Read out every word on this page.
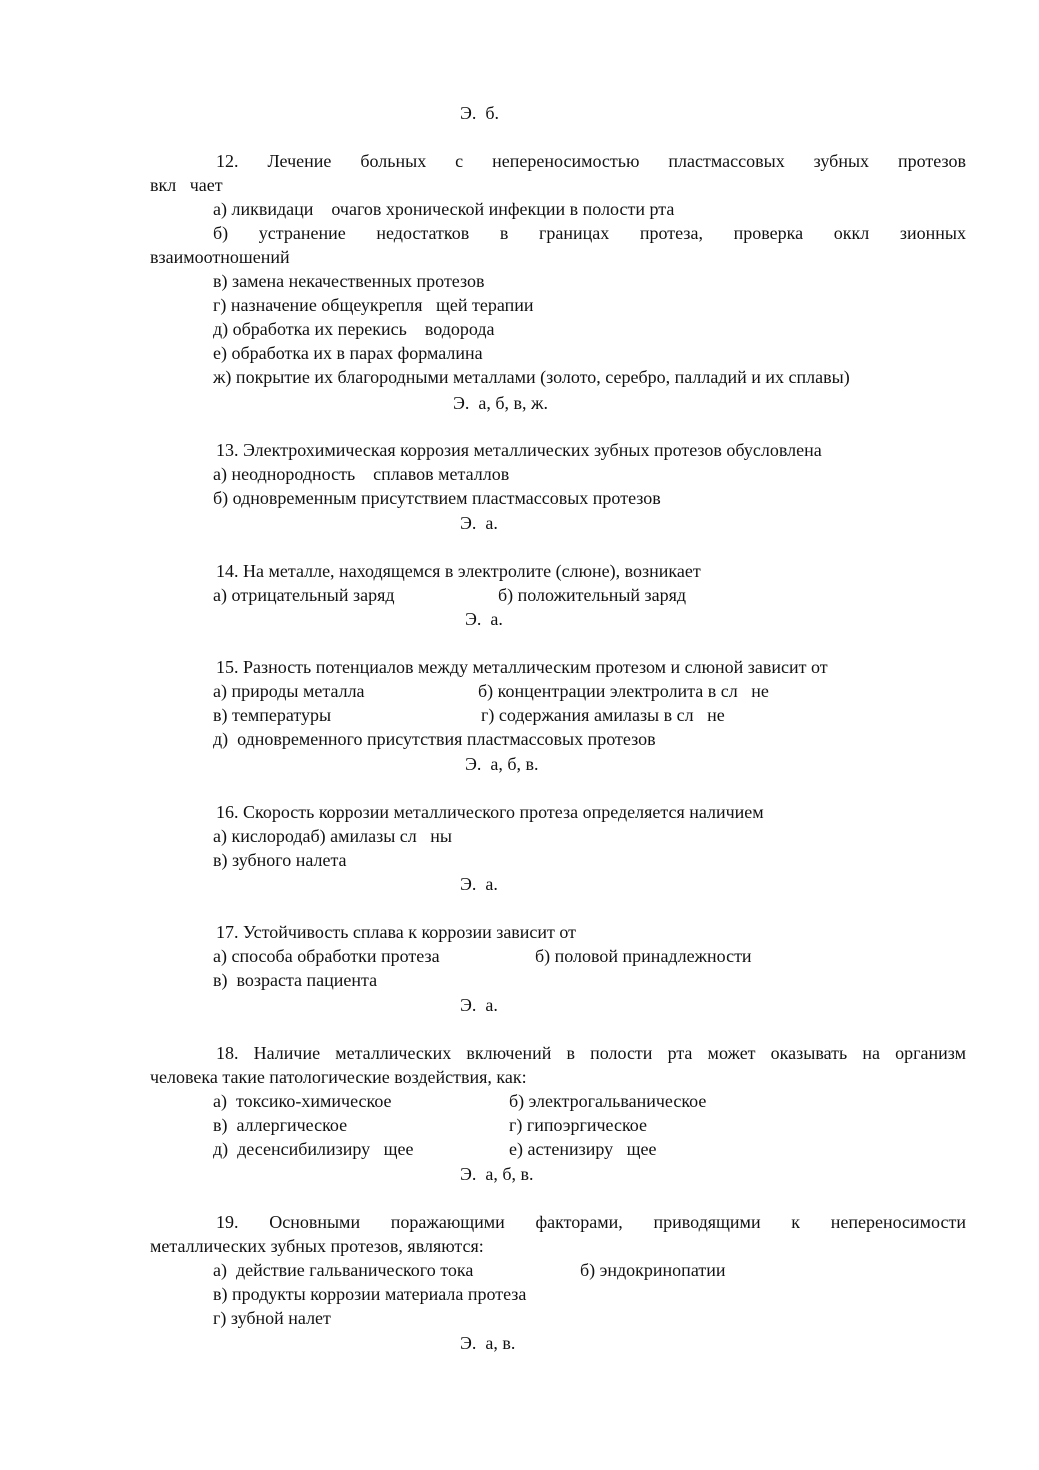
Э.  б.
12.  Лечение  больных  с  непереносимостью  пластмассовых  зубных  протезов
вкл   чает
а) ликвидаци    очагов хронической инфекции в полости рта
б)  устранение  недостатков  в  границах  протеза,  проверка  оккл  зионных
взаимоотношений
в) замена некачественных протезов
г) назначение общеукрепля   щей терапии
д) обработка их перекись    водорода
е) обработка их в парах формалина
ж) покрытие их благородными металлами (золото, серебро, палладий и их сплавы)
Э.  а, б, в, ж.
13. Электрохимическая коррозия металлических зубных протезов обусловлена
а) неоднородность    сплавов металлов
б) одновременным присутствием пластмассовых протезов
Э.  а.
14. На металле, находящемся в электролите (слюне), возникает
а) отрицательный заряд	б) положительный заряд
Э.  а.
15. Разность потенциалов между металлическим протезом и слюной зависит от
а) природы металла	б) концентрации электролита в сл   не
в) температуры	г) содержания амилазы в сл   не
д)  одновременного присутствия пластмассовых протезов
Э.  а, б, в.
16. Скорость коррозии металлического протеза определяется наличием
а) кислородаб) амилазы сл   ны
в) зубного налета
Э.  а.
17. Устойчивость сплава к коррозии зависит от
а) способа обработки протеза	б) половой принадлежности
в)  возраста пациента
Э.  а.
18. Наличие металлических включений в полости рта может оказывать на организм
человека такие патологические воздействия, как:
а)  токсико-химическое	б) электрогальваническое
в)  аллергическое	г) гипоэргическое
д)  десенсибилизиру   щее	е) астенизиру   щее
Э.  а, б, в.
19.  Основными  поражающими  факторами,  приводящими  к  непереносимости
металлических зубных протезов, являются:
а)  действие гальванического тока	б) эндокринопатии
в) продукты коррозии материала протеза
г) зубной налет
Э.  а, в.
